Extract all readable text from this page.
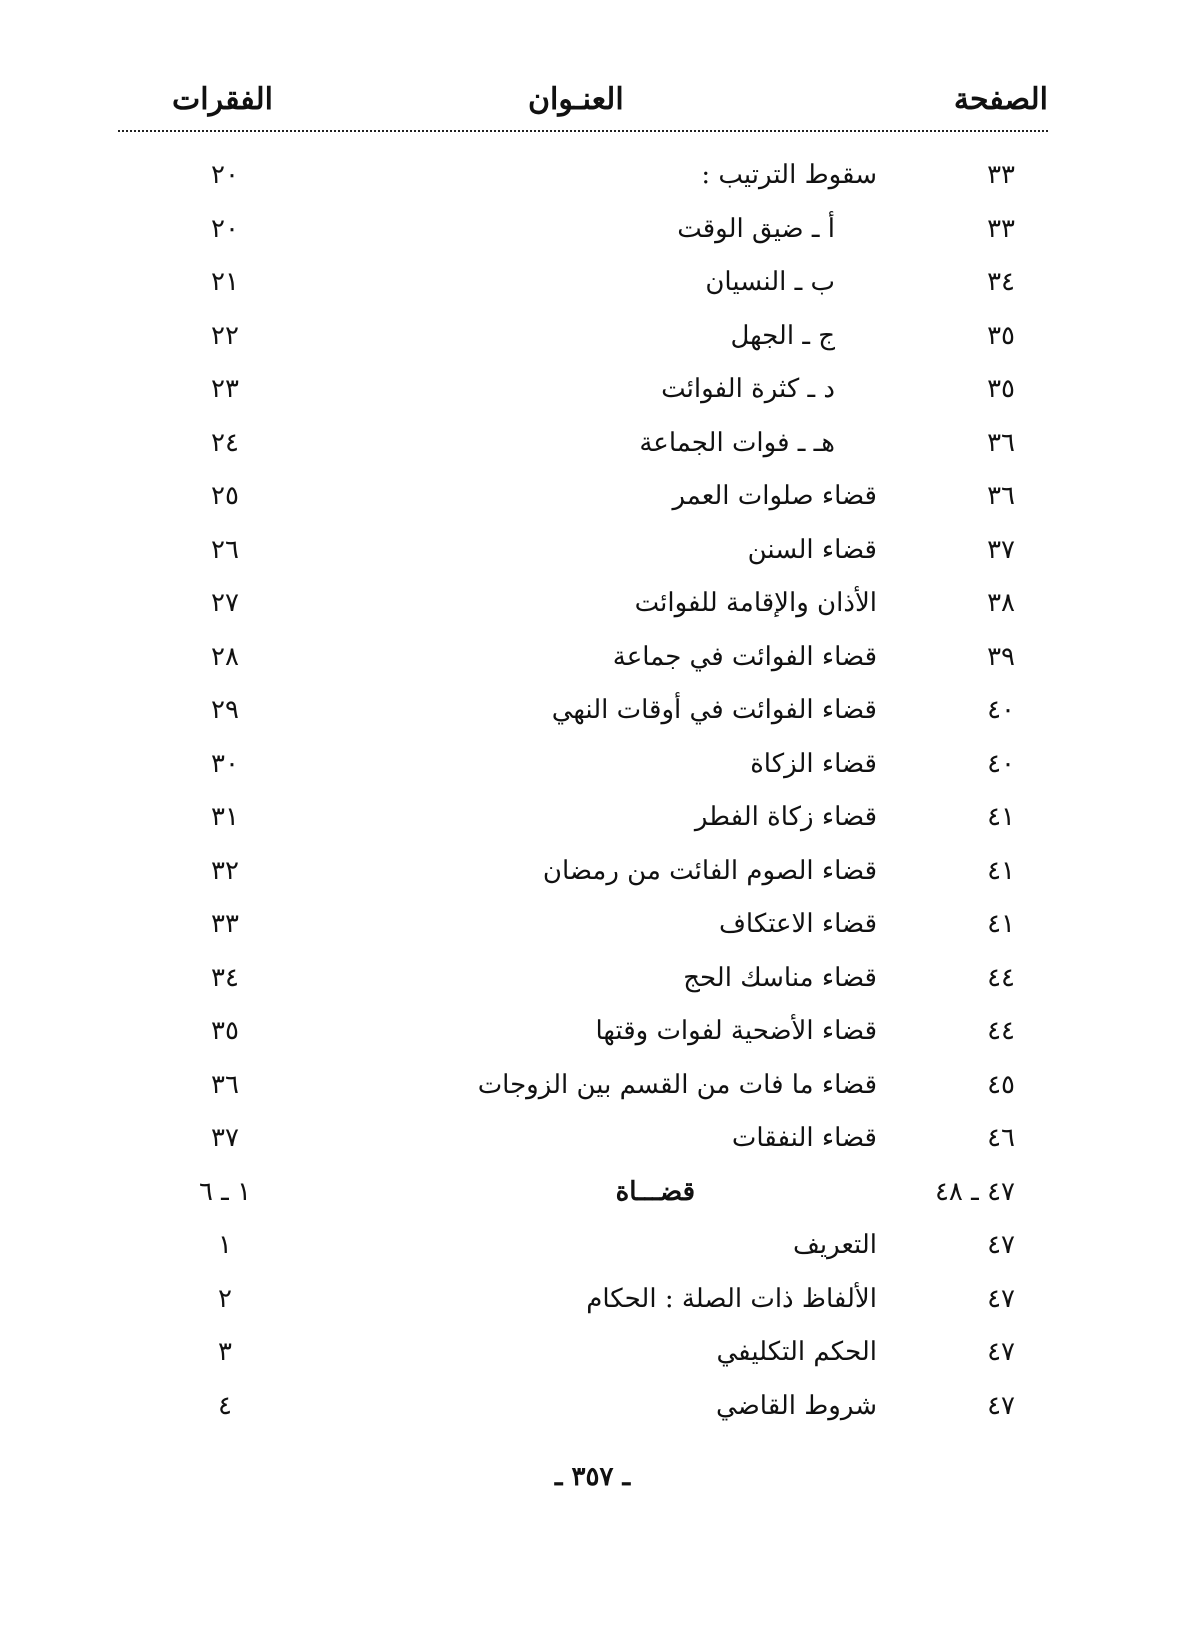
الصفحة
العنـوان
الفقرات
٣٣
سقوط الترتيب :
٢٠
٣٣
أ ـ ضيق الوقت
٢٠
٣٤
ب ـ النسيان
٢١
٣٥
ج ـ الجهل
٢٢
٣٥
د ـ كثرة الفوائت
٢٣
٣٦
هـ ـ فوات الجماعة
٢٤
٣٦
قضاء صلوات العمر
٢٥
٣٧
قضاء السنن
٢٦
٣٨
الأذان والإقامة للفوائت
٢٧
٣٩
قضاء الفوائت في جماعة
٢٨
٤٠
قضاء الفوائت في أوقات النهي
٢٩
٤٠
قضاء الزكاة
٣٠
٤١
قضاء زكاة الفطر
٣١
٤١
قضاء الصوم الفائت من رمضان
٣٢
٤١
قضاء الاعتكاف
٣٣
٤٤
قضاء مناسك الحج
٣٤
٤٤
قضاء الأضحية لفوات وقتها
٣٥
٤٥
قضاء ما فات من القسم بين الزوجات
٣٦
٤٦
قضاء النفقات
٣٧
٤٧ ـ ٤٨
قضـــاة
١ ـ ٦
٤٧
التعريف
١
٤٧
الألفاظ ذات الصلة : الحكام
٢
٤٧
الحكم التكليفي
٣
٤٧
شروط القاضي
٤
ـ ٣٥٧ ـ
